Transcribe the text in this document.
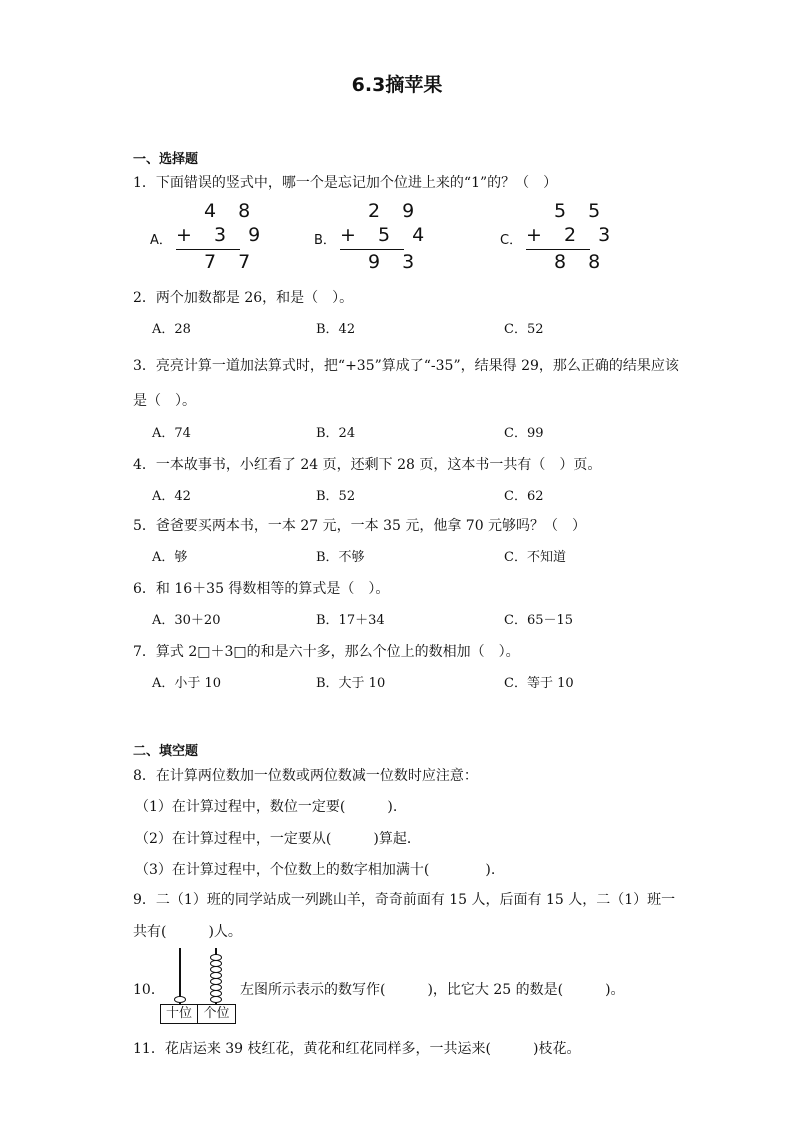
6.3摘苹果
一、选择题
1．下面错误的竖式中，哪一个是忘记加个位进上来的“1”的？（　）
A．
4 8
+ 3 9
7 7
B．
2 9
+ 5 4
9 3
C．
5 5
+ 2 3
8 8
2．两个加数都是 26，和是（　）。
A．28	B．42	C．52
3．亮亮计算一道加法算式时，把“+35”算成了“-35”，结果得 29，那么正确的结果应该
是（　）。
A．74	B．24	C．99
4．一本故事书，小红看了 24 页，还剩下 28 页，这本书一共有（　）页。
A．42	B．52	C．62
5．爸爸要买两本书，一本 27 元，一本 35 元，他拿 70 元够吗？（　）
A．够	B．不够	C．不知道
6．和 16＋35 得数相等的算式是（　）。
A．30＋20	B．17＋34	C．65－15
7．算式 2□＋3□的和是六十多，那么个位上的数相加（　）。
A．小于 10	B．大于 10	C．等于 10
二、填空题
8．在计算两位数加一位数或两位数减一位数时应注意：
（1）在计算过程中，数位一定要(　　　).
（2）在计算过程中，一定要从(　　　)算起．
（3）在计算过程中，个位数上的数字相加满十(　　　　).
9．二（1）班的同学站成一列跳山羊，奇奇前面有 15 人，后面有 15 人，二（1）班一
共有(　　　)人。
10．
十位 个位
左图所示表示的数写作(　　　)，比它大 25 的数是(　　　)。
11．花店运来 39 枝红花，黄花和红花同样多，一共运来(　　　)枝花。
